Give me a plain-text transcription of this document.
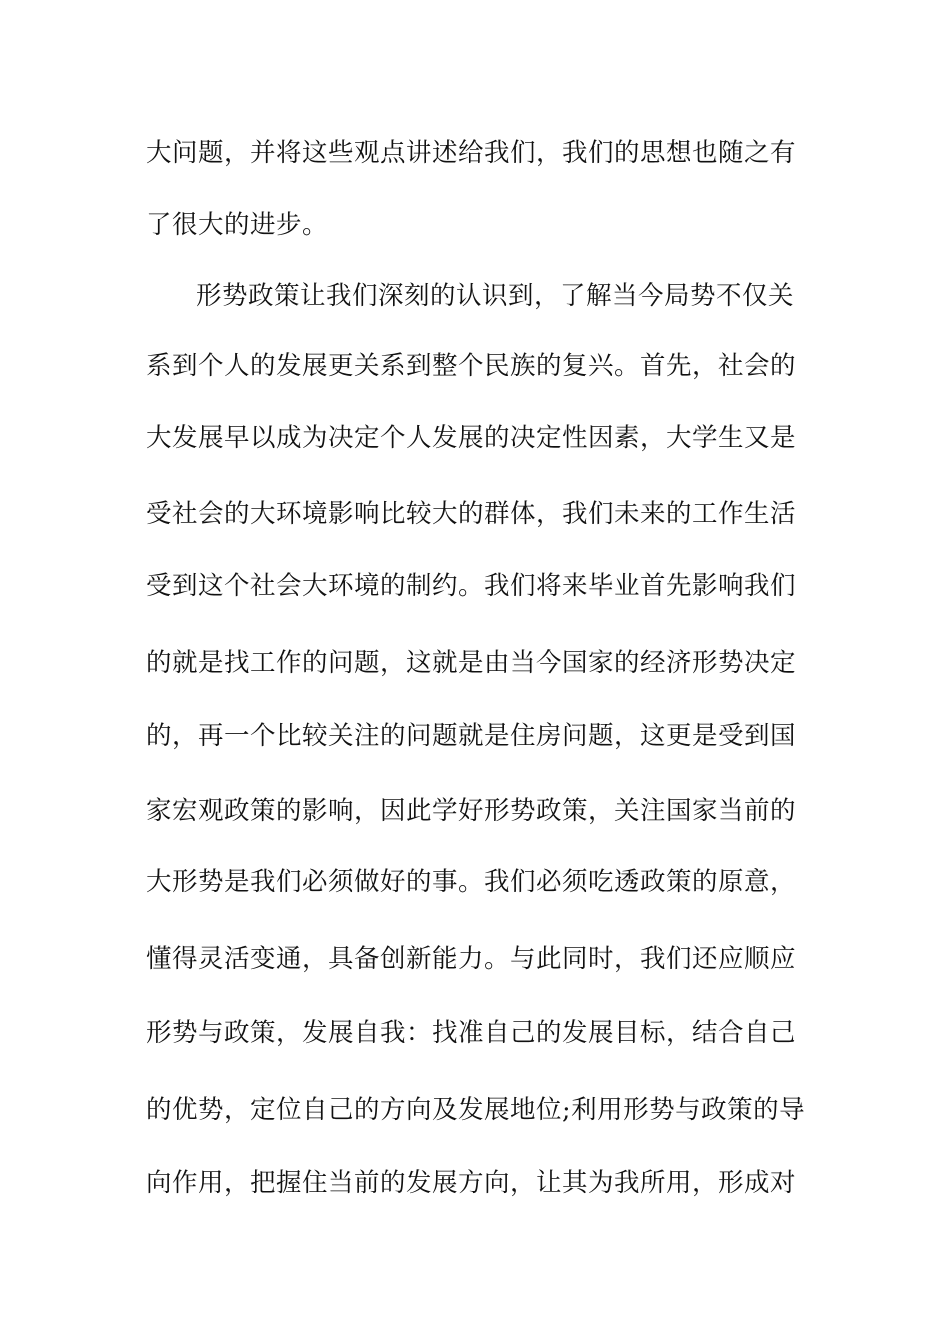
大问题，并将这些观点讲述给我们，我们的思想也随之有
了很大的进步。
形势政策让我们深刻的认识到，了解当今局势不仅关
系到个人的发展更关系到整个民族的复兴。首先，社会的
大发展早以成为决定个人发展的决定性因素，大学生又是
受社会的大环境影响比较大的群体，我们未来的工作生活
受到这个社会大环境的制约。我们将来毕业首先影响我们
的就是找工作的问题，这就是由当今国家的经济形势决定
的，再一个比较关注的问题就是住房问题，这更是受到国
家宏观政策的影响，因此学好形势政策，关注国家当前的
大形势是我们必须做好的事。我们必须吃透政策的原意，
懂得灵活变通，具备创新能力。与此同时，我们还应顺应
形势与政策，发展自我：找准自己的发展目标，结合自己
的优势，定位自己的方向及发展地位;利用形势与政策的导
向作用，把握住当前的发展方向，让其为我所用，形成对
